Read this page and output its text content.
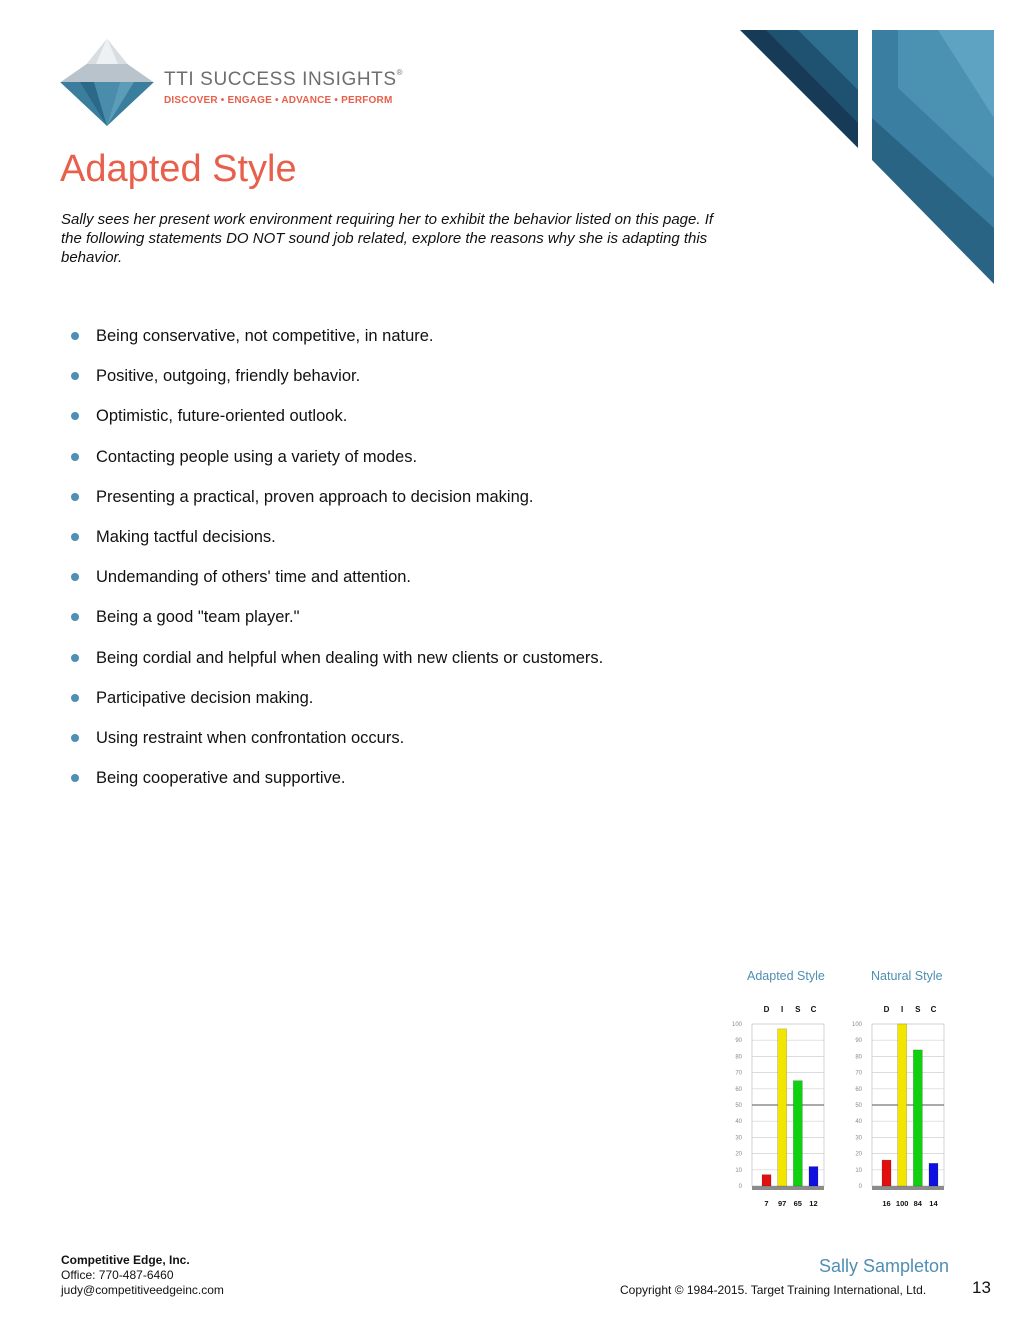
TTI SUCCESS INSIGHTS®
DISCOVER • ENGAGE • ADVANCE • PERFORM
Adapted Style

Sally sees her present work environment requiring her to exhibit the behavior listed on this page. If the following statements DO NOT sound job related, explore the reasons why she is adapting this behavior.

Being conservative, not competitive, in nature.
Positive, outgoing, friendly behavior.
Optimistic, future-oriented outlook.
Contacting people using a variety of modes.
Presenting a practical, proven approach to decision making.
Making tactful decisions.
Undemanding of others' time and attention.
Being a good "team player."
Being cordial and helpful when dealing with new clients or customers.
Participative decision making.
Using restraint when confrontation occurs.
Being cooperative and supportive.
Adapted Style	Natural Style
0
10
20
30
40
50
60
70
80
90
100
D
7
I
97
S
65
C
12
0
10
20
30
40
50
60
70
80
90
100
D
16
I
100
S
84
C
14
Competitive Edge, Inc.
Office: 770-487-6460
judy@competitiveedgeinc.com
Sally Sampleton
Copyright © 1984-2015. Target Training International, Ltd.	13
